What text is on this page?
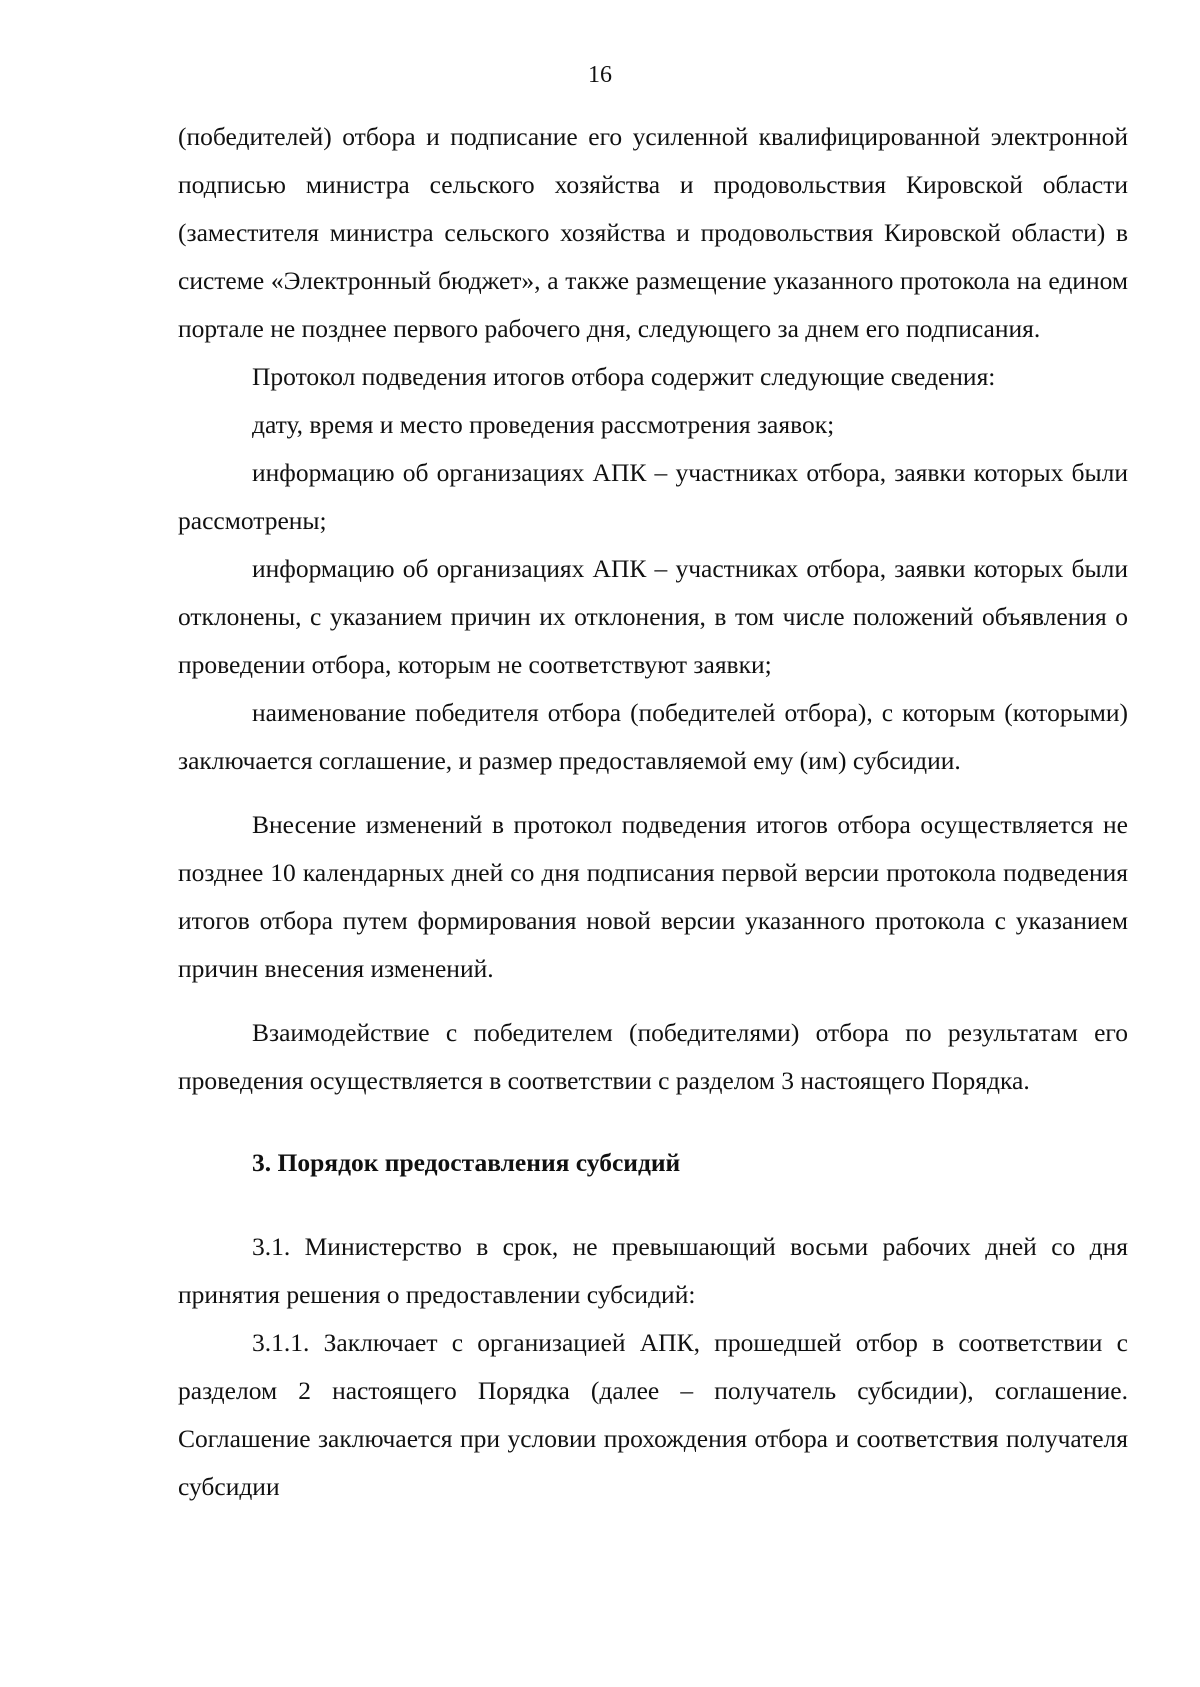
16

(победителей) отбора и подписание его усиленной квалифицированной электронной подписью министра сельского хозяйства и продовольствия Кировской области (заместителя министра сельского хозяйства и продовольствия Кировской области) в системе «Электронный бюджет», а также размещение указанного протокола на едином портале не позднее первого рабочего дня, следующего за днем его подписания.

Протокол подведения итогов отбора содержит следующие сведения:

дату, время и место проведения рассмотрения заявок;

информацию об организациях АПК – участниках отбора, заявки которых были рассмотрены;

информацию об организациях АПК – участниках отбора, заявки которых были отклонены, с указанием причин их отклонения, в том числе положений объявления о проведении отбора, которым не соответствуют заявки;

наименование победителя отбора (победителей отбора), с которым (которыми) заключается соглашение, и размер предоставляемой ему (им) субсидии.

Внесение изменений в протокол подведения итогов отбора осуществляется не позднее 10 календарных дней со дня подписания первой версии протокола подведения итогов отбора путем формирования новой версии указанного протокола с указанием причин внесения изменений.

Взаимодействие с победителем (победителями) отбора по результатам его проведения осуществляется в соответствии с разделом 3 настоящего Порядка.

3. Порядок предоставления субсидий

3.1. Министерство в срок, не превышающий восьми рабочих дней со дня принятия решения о предоставлении субсидий:

3.1.1. Заключает с организацией АПК, прошедшей отбор в соответствии с разделом 2 настоящего Порядка (далее – получатель субсидии), соглашение. Соглашение заключается при условии прохождения отбора и соответствия получателя субсидии
